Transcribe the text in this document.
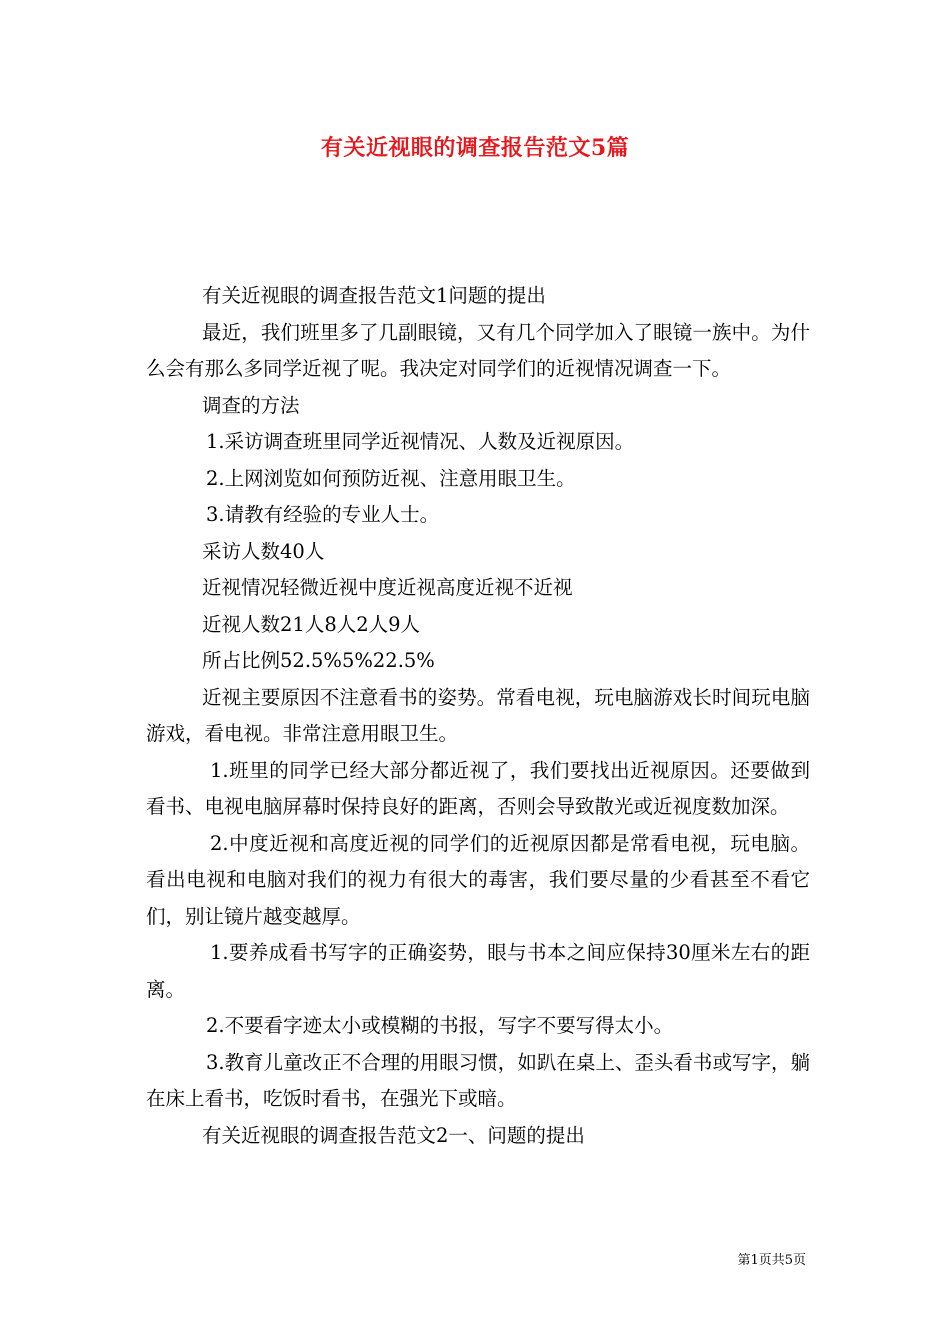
有关近视眼的调查报告范文5篇

有关近视眼的调查报告范文1问题的提出

最近，我们班里多了几副眼镜，又有几个同学加入了眼镜一族中。为什么会有那么多同学近视了呢。我决定对同学们的近视情况调查一下。

调查的方法

1.采访调查班里同学近视情况、人数及近视原因。

2.上网浏览如何预防近视、注意用眼卫生。

3.请教有经验的专业人士。

采访人数40人

近视情况轻微近视中度近视高度近视不近视

近视人数21人8人2人9人

所占比例52.5%5%22.5%

近视主要原因不注意看书的姿势。常看电视，玩电脑游戏长时间玩电脑游戏，看电视。非常注意用眼卫生。

1.班里的同学已经大部分都近视了，我们要找出近视原因。还要做到看书、电视电脑屏幕时保持良好的距离，否则会导致散光或近视度数加深。

2.中度近视和高度近视的同学们的近视原因都是常看电视，玩电脑。看出电视和电脑对我们的视力有很大的毒害，我们要尽量的少看甚至不看它们，别让镜片越变越厚。

1.要养成看书写字的正确姿势，眼与书本之间应保持30厘米左右的距离。

2.不要看字迹太小或模糊的书报，写字不要写得太小。

3.教育儿童改正不合理的用眼习惯，如趴在桌上、歪头看书或写字，躺在床上看书，吃饭时看书，在强光下或暗。

有关近视眼的调查报告范文2一、问题的提出

第1页共5页
